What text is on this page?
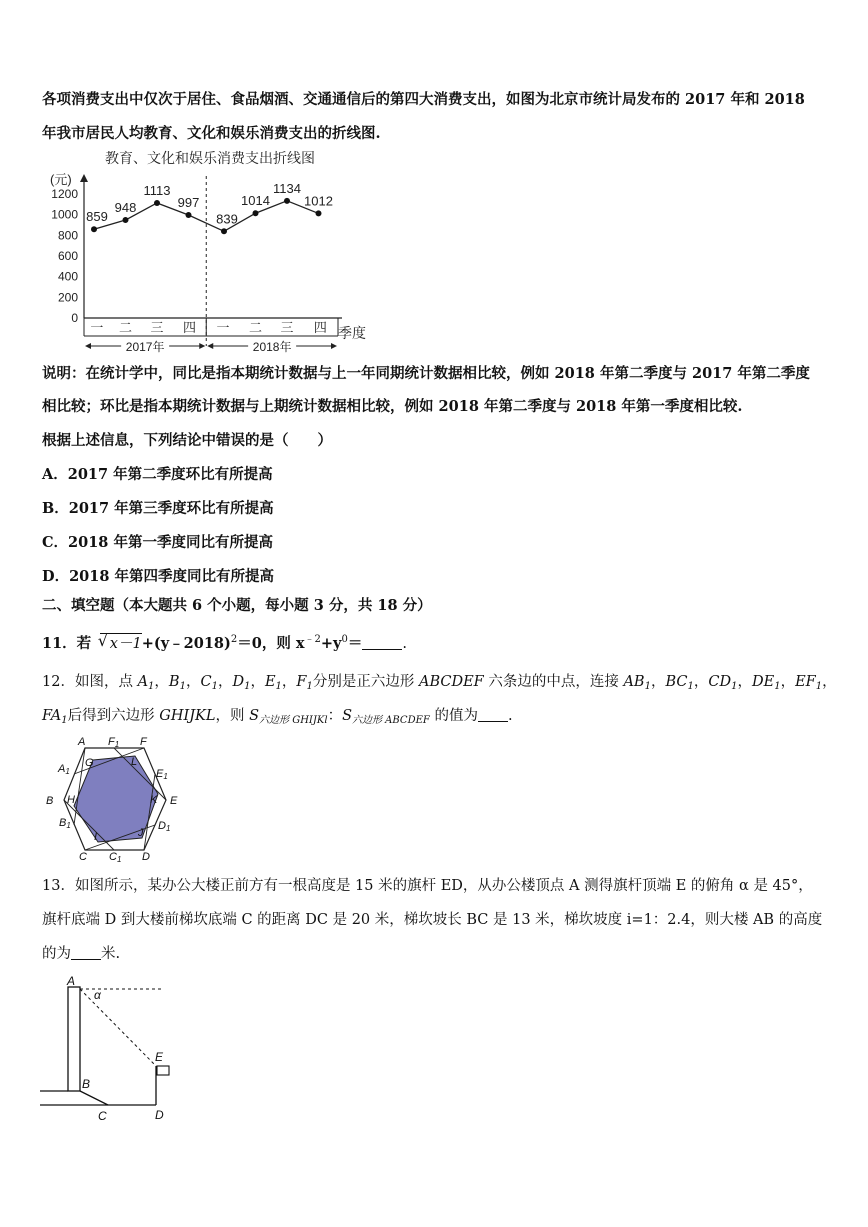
各项消费支出中仅次于居住、食品烟酒、交通通信后的第四大消费支出，如图为北京市统计局发布的 2017 年和 2018
年我市居民人均教育、文化和娱乐消费支出的折线图.
教育、文化和娱乐消费支出折线图
(元)
0
200
400
600
800
1000
1200
859
948
1113
997
839
1014
1134
1012
一 二 三 四 一 二 三 四 季度
2017年	2018年
说明：在统计学中，同比是指本期统计数据与上一年同期统计数据相比较，例如 2018 年第二季度与 2017 年第二季度
相比较；环比是指本期统计数据与上期统计数据相比较，例如 2018 年第二季度与 2018 年第一季度相比较.
根据上述信息，下列结论中错误的是（　　）
A．2017 年第二季度环比有所提高
B．2017 年第三季度环比有所提高
C．2018 年第一季度同比有所提高
D．2018 年第四季度同比有所提高
二、填空题（本大题共 6 个小题，每小题 3 分，共 18 分）
11．若 √ x－1+(y﹣2018)$^2$＝0，则 $x^{﹣2}+y^0=$	.
12．如图，点 $A_1$，$B_1$，$C_1$，$D_1$，$E_1$，$F_1$分别是正六边形 ABCDEF 六条边的中点，连接 $AB_1$，$BC_1$，$CD_1$，$DE_1$，$EF_1$，
$FA_1$后得到六边形 GHIJKL，则 $S_{六边形 GHIJKl}$：$S_{六边形 ABCDEF}$ 的值为 .
A F1 F
A1
G	L
E1
B H	K E
B1
I	J
D1
C C1 D
13．如图所示，某办公大楼正前方有一根高度是 15 米的旗杆 ED，从办公楼顶点 A 测得旗杆顶端 E 的俯角 α 是 45°，
旗杆底端 D 到大楼前梯坎底端 C 的距离 DC 是 20 米，梯坎坡长 BC 是 13 米，梯坎坡度 i=1：2.4，则大楼 AB 的高度
的为 米.
A
α
E
B
C	D
